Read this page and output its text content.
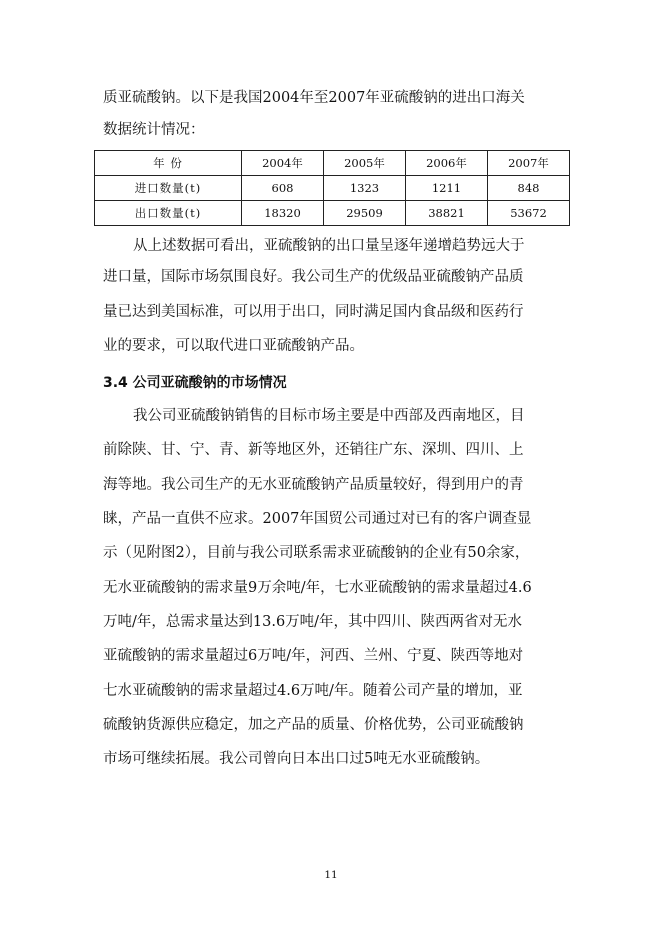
质亚硫酸钠。以下是我国2004年至2007年亚硫酸钠的进出口海关
数据统计情况：
年 份	2004年	2005年	2006年	2007年
进口数量(t)	608	1323	1211	848
出口数量(t)	18320	29509	38821	53672
从上述数据可看出，亚硫酸钠的出口量呈逐年递增趋势远大于
进口量，国际市场氛围良好。我公司生产的优级品亚硫酸钠产品质
量已达到美国标准，可以用于出口，同时满足国内食品级和医药行
业的要求，可以取代进口亚硫酸钠产品。
3.4 公司亚硫酸钠的市场情况
我公司亚硫酸钠销售的目标市场主要是中西部及西南地区，目
前除陕、甘、宁、青、新等地区外，还销往广东、深圳、四川、上
海等地。我公司生产的无水亚硫酸钠产品质量较好，得到用户的青
睐，产品一直供不应求。2007年国贸公司通过对已有的客户调查显
示（见附图2），目前与我公司联系需求亚硫酸钠的企业有50余家，
无水亚硫酸钠的需求量9万余吨/年，七水亚硫酸钠的需求量超过4.6
万吨/年，总需求量达到13.6万吨/年，其中四川、陕西两省对无水
亚硫酸钠的需求量超过6万吨/年，河西、兰州、宁夏、陕西等地对
七水亚硫酸钠的需求量超过4.6万吨/年。随着公司产量的增加，亚
硫酸钠货源供应稳定，加之产品的质量、价格优势，公司亚硫酸钠
市场可继续拓展。我公司曾向日本出口过5吨无水亚硫酸钠。
11
